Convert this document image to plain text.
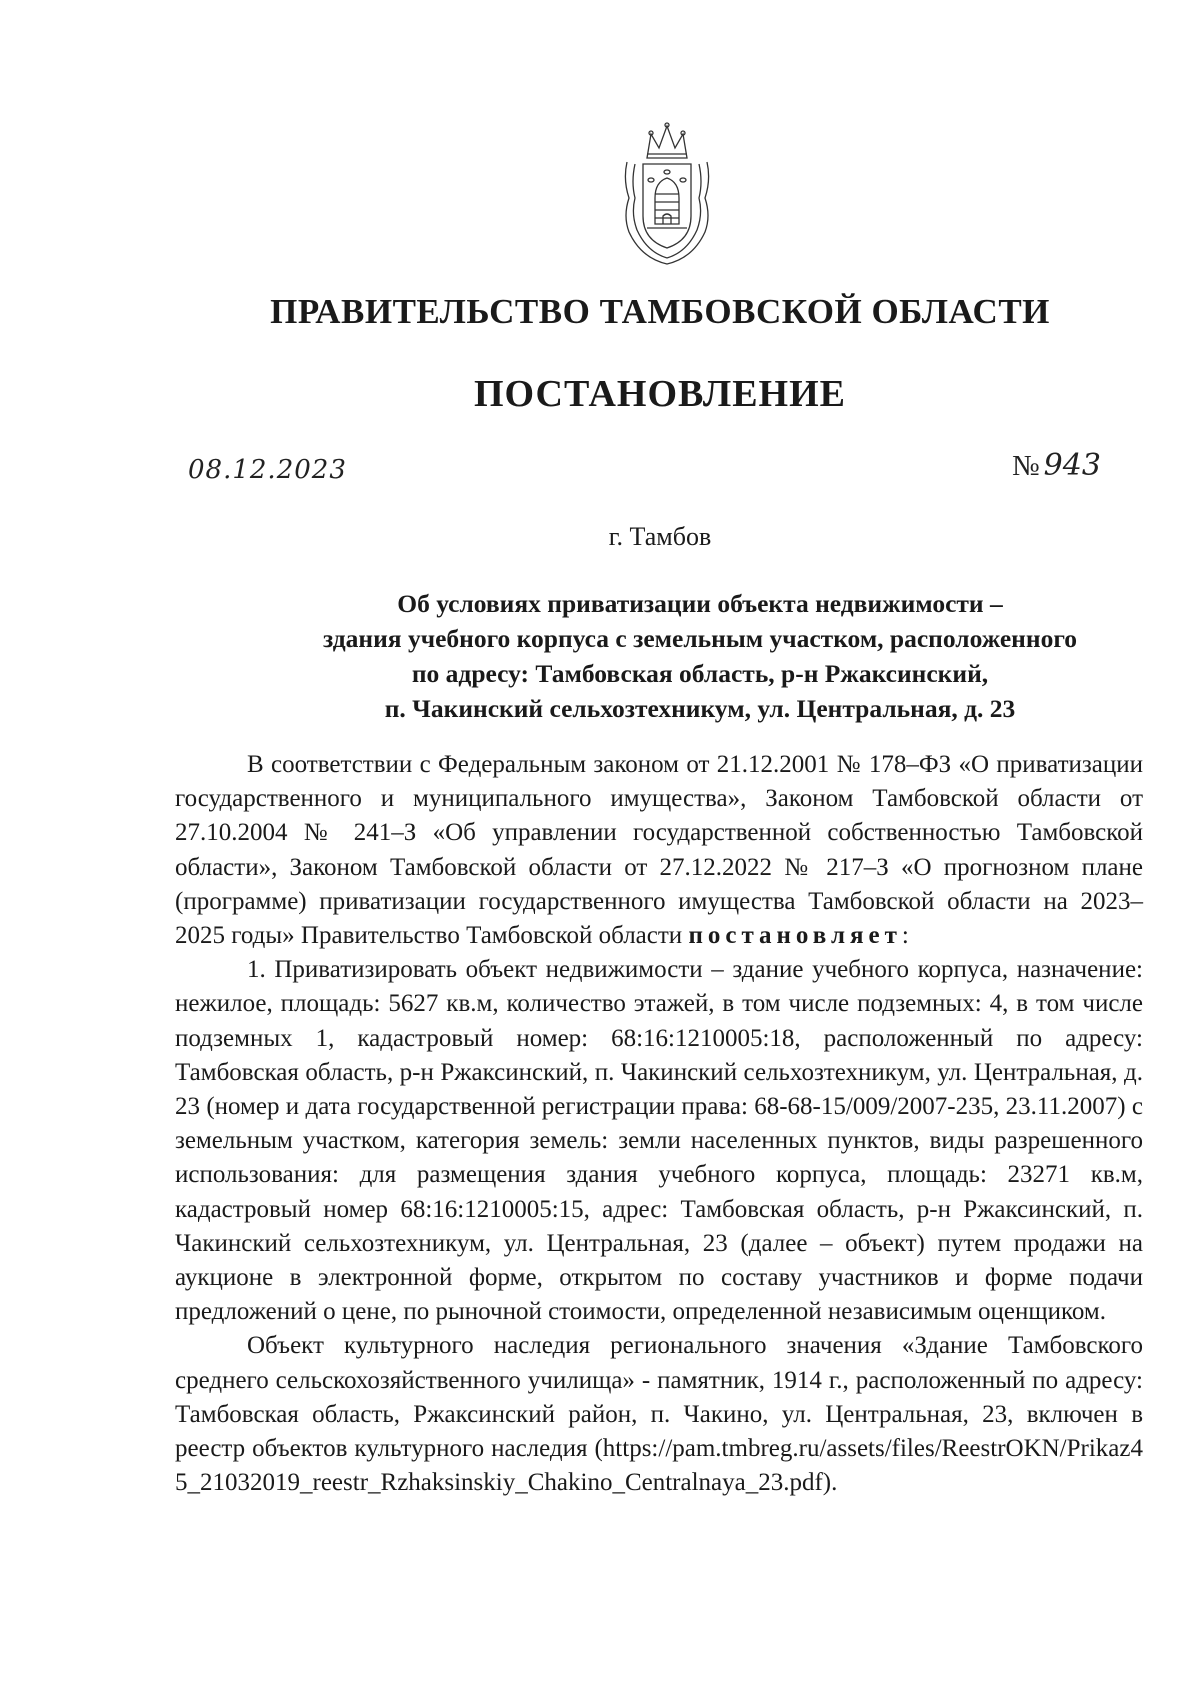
ПРАВИТЕЛЬСТВО ТАМБОВСКОЙ ОБЛАСТИ
ПОСТАНОВЛЕНИЕ
08.12.2023	№ 943
г. Тамбов
Об условиях приватизации объекта недвижимости –
здания учебного корпуса с земельным участком, расположенного
по адресу: Тамбовская область, р-н Ржаксинский,
п. Чакинский сельхозтехникум, ул. Центральная, д. 23

В соответствии с Федеральным законом от 21.12.2001 № 178–ФЗ «О приватизации государственного и муниципального имущества», Законом Тамбовской области от 27.10.2004 № 241–З «Об управлении государственной собственностью Тамбовской области», Законом Тамбовской области от 27.12.2022 № 217–З «О прогнозном плане (программе) приватизации государственного имущества Тамбовской области на 2023–2025 годы» Правительство Тамбовской области постановляет:

1. Приватизировать объект недвижимости – здание учебного корпуса, назначение: нежилое, площадь: 5627 кв.м, количество этажей, в том числе подземных: 4, в том числе подземных 1, кадастровый номер: 68:16:1210005:18, расположенный по адресу: Тамбовская область, р-н Ржаксинский, п. Чакинский сельхозтехникум, ул. Центральная, д. 23 (номер и дата государственной регистрации права: 68-68-15/009/2007-235, 23.11.2007) с земельным участком, категория земель: земли населенных пунктов, виды разрешенного использования: для размещения здания учебного корпуса, площадь: 23271 кв.м, кадастровый номер 68:16:1210005:15, адрес: Тамбовская область, р-н Ржаксинский, п. Чакинский сельхозтехникум, ул. Центральная, 23 (далее – объект) путем продажи на аукционе в электронной форме, открытом по составу участников и форме подачи предложений о цене, по рыночной стоимости, определенной независимым оценщиком.

Объект культурного наследия регионального значения «Здание Тамбовского среднего сельскохозяйственного училища» - памятник, 1914 г., расположенный по адресу: Тамбовская область, Ржаксинский район, п. Чакино, ул. Центральная, 23, включен в реестр объектов культурного наследия (https://pam.tmbreg.ru/assets/files/ReestrOKN/Prikaz45_21032019_reestr_Rzhaksinskiy_Chakino_Centralnaya_23.pdf).
